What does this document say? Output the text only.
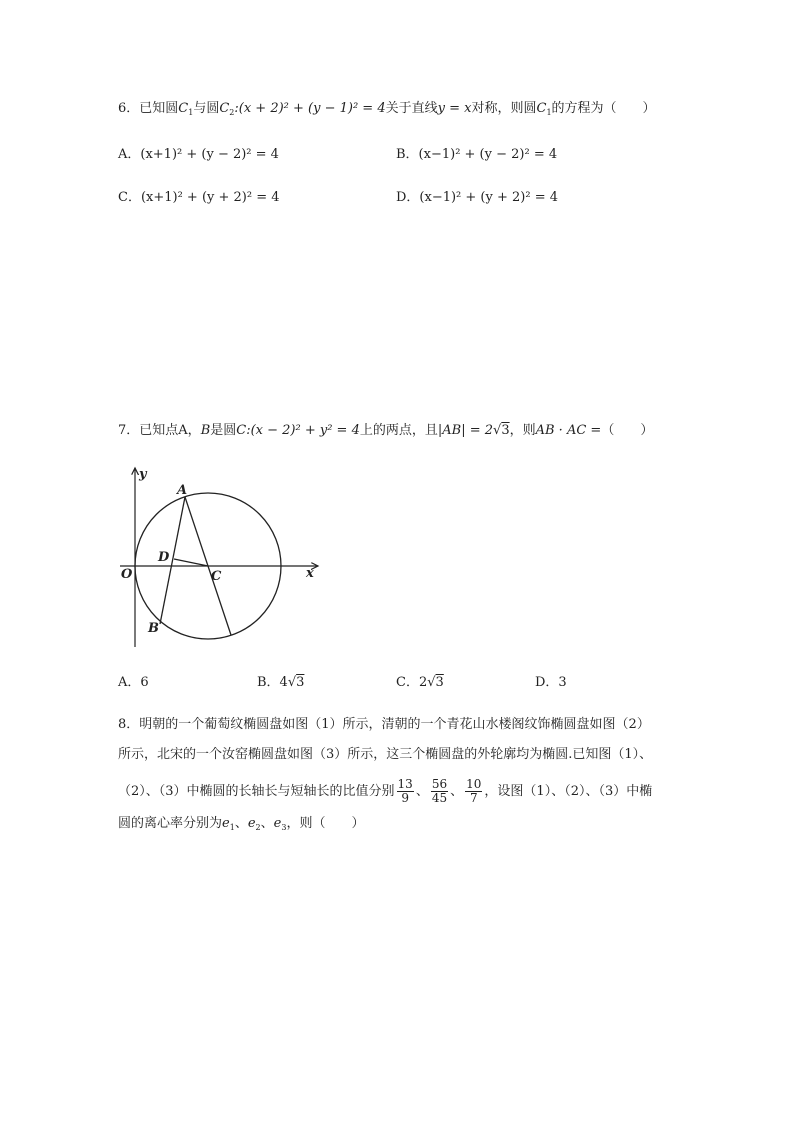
6．已知圆$C_1$与圆$C_2:(x + 2)^2 + (y - 1)^2 = 4$关于直线y = x对称，则圆$C_1$的方程为（　　）
A．(x+1)² + (y − 2)² = 4	B．(x−1)² + (y − 2)² = 4
C．(x+1)² + (y + 2)² = 4	D．(x−1)² + (y + 2)² = 4
7．已知点A，B是圆C:(x − 2)² + y² = 4上的两点，且|AB| = 2√3，则AB · AC =（　　）
y
x
O
A
B
C
D
A．6	B．4√3	C．2√3	D．3
8．明朝的一个葡萄纹椭圆盘如图（1）所示，清朝的一个青花山水楼阁纹饰椭圆盘如图（2）
所示，北宋的一个汝窑椭圆盘如图（3）所示，这三个椭圆盘的外轮廓均为椭圆.已知图（1）、
（2）、（3）中椭圆的长轴长与短轴长的比值分别 $\frac{13}{9}$ 、 $\frac{56}{45}$ 、 $\frac{10}{7}$ ，设图（1）、（2）、（3）中椭
圆的离心率分别为$e_1$、$e_2$、$e_3$，则（　　）
